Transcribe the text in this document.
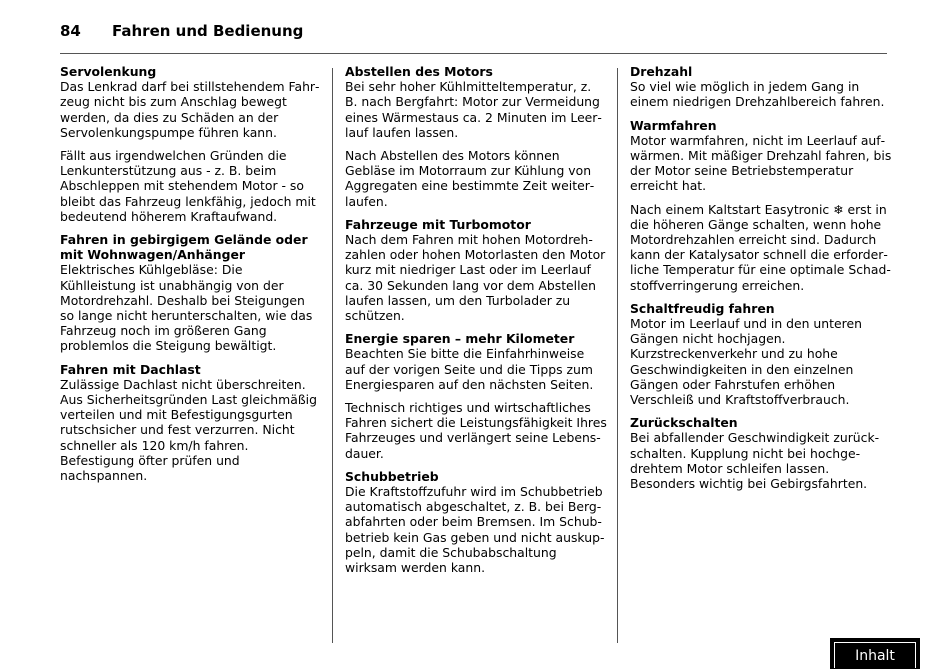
84	Fahren und Bedienung
Servolenkung

Das Lenkrad darf bei stillstehendem Fahrzeug nicht bis zum Anschlag bewegt werden, da dies zu Schäden an der Servolenkungspumpe führen kann.

Fällt aus irgendwelchen Gründen die Lenkunterstützung aus - z. B. beim Abschleppen mit stehendem Motor - so bleibt das Fahrzeug lenkfähig, jedoch mit bedeutend höherem Kraftaufwand.

Fahren in gebirgigem Gelände oder mit Wohnwagen/Anhänger

Elektrisches Kühlgebläse: Die Kühlleistung ist unabhängig von der Motordrehzahl. Deshalb bei Steigungen so lange nicht herunterschalten, wie das Fahrzeug noch im größeren Gang problemlos die Steigung bewältigt.

Fahren mit Dachlast

Zulässige Dachlast nicht überschreiten. Aus Sicherheitsgründen Last gleichmäßig verteilen und mit Befestigungsgurten rutschsicher und fest verzurren. Nicht schneller als 120 km/h fahren. Befestigung öfter prüfen und nachspannen.

Abstellen des Motors

Bei sehr hoher Kühlmitteltemperatur, z. B. nach Bergfahrt: Motor zur Vermeidung eines Wärmestaus ca. 2 Minuten im Leerlauf laufen lassen.

Nach Abstellen des Motors können Gebläse im Motorraum zur Kühlung von Aggregaten eine bestimmte Zeit weiterlaufen.

Fahrzeuge mit Turbomotor

Nach dem Fahren mit hohen Motordrehzahlen oder hohen Motorlasten den Motor kurz mit niedriger Last oder im Leerlauf ca. 30 Sekunden lang vor dem Abstellen laufen lassen, um den Turbolader zu schützen.

Energie sparen – mehr Kilometer

Beachten Sie bitte die Einfahrhinweise auf der vorigen Seite und die Tipps zum Energiesparen auf den nächsten Seiten.

Technisch richtiges und wirtschaftliches Fahren sichert die Leistungsfähigkeit Ihres Fahrzeuges und verlängert seine Lebensdauer.

Schubbetrieb

Die Kraftstoffzufuhr wird im Schubbetrieb automatisch abgeschaltet, z. B. bei Bergabfahrten oder beim Bremsen. Im Schubbetrieb kein Gas geben und nicht auskuppeln, damit die Schubabschaltung wirksam werden kann.

Drehzahl

So viel wie möglich in jedem Gang in einem niedrigen Drehzahlbereich fahren.

Warmfahren

Motor warmfahren, nicht im Leerlauf aufwärmen. Mit mäßiger Drehzahl fahren, bis der Motor seine Betriebstemperatur erreicht hat.

Nach einem Kaltstart Easytronic ❄ erst in die höheren Gänge schalten, wenn hohe Motordrehzahlen erreicht sind. Dadurch kann der Katalysator schnell die erforderliche Temperatur für eine optimale Schadstoffverringerung erreichen.

Schaltfreudig fahren

Motor im Leerlauf und in den unteren Gängen nicht hochjagen. Kurzstreckenverkehr und zu hohe Geschwindigkeiten in den einzelnen Gängen oder Fahrstufen erhöhen Verschleiß und Kraftstoffverbrauch.

Zurückschalten

Bei abfallender Geschwindigkeit zurückschalten. Kupplung nicht bei hochgedrehtem Motor schleifen lassen. Besonders wichtig bei Gebirgsfahrten.

Inhalt
